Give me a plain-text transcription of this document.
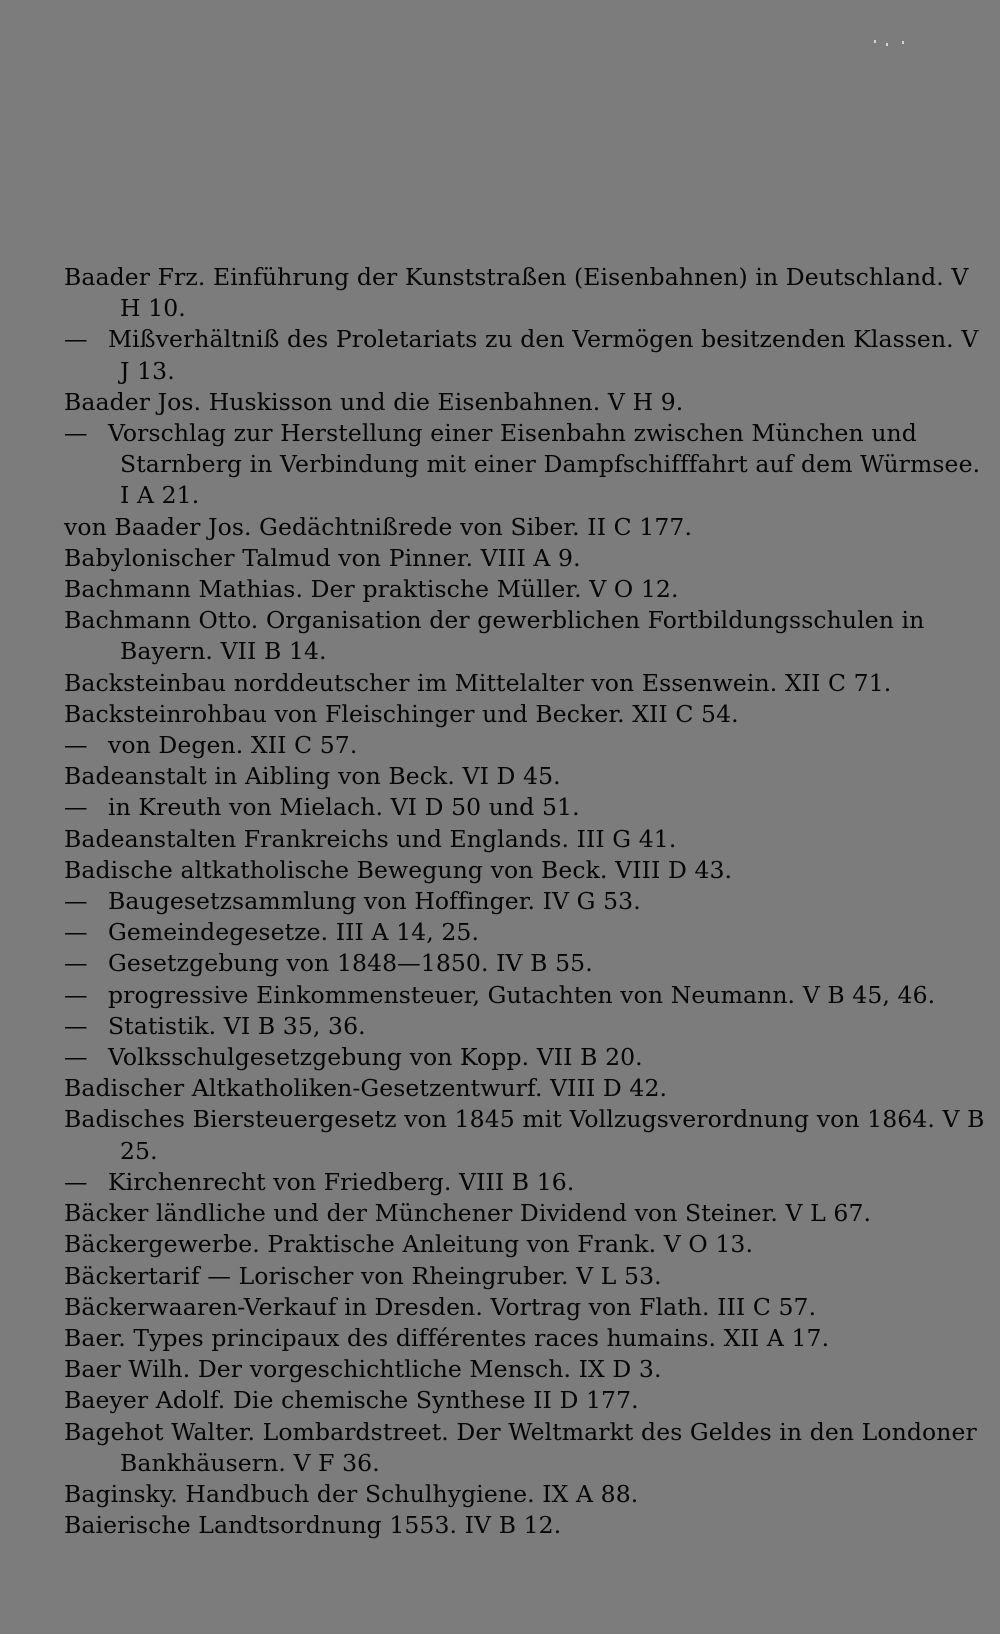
Baader Frz. Einführung der Kunststraßen (Eisenbahnen) in Deutschland. V H 10.
— Mißverhältniß des Proletariats zu den Vermögen besitzenden Klassen. V J 13.
Baader Jos. Huskisson und die Eisenbahnen. V H 9.
— Vorschlag zur Herstellung einer Eisenbahn zwischen München und Starnberg in Verbindung mit einer Dampfschifffahrt auf dem Würmsee. I A 21.
von Baader Jos. Gedächtnißrede von Siber. II C 177.
Babylonischer Talmud von Pinner. VIII A 9.
Bachmann Mathias. Der praktische Müller. V O 12.
Bachmann Otto. Organisation der gewerblichen Fortbildungsschulen in Bayern. VII B 14.
Backsteinbau norddeutscher im Mittelalter von Essenwein. XII C 71.
Backsteinrohbau von Fleischinger und Becker. XII C 54.
— von Degen. XII C 57.
Badeanstalt in Aibling von Beck. VI D 45.
— in Kreuth von Mielach. VI D 50 und 51.
Badeanstalten Frankreichs und Englands. III G 41.
Badische altkatholische Bewegung von Beck. VIII D 43.
— Baugesetzsammlung von Hoffinger. IV G 53.
— Gemeindegesetze. III A 14, 25.
— Gesetzgebung von 1848—1850. IV B 55.
— progressive Einkommensteuer, Gutachten von Neumann. V B 45, 46.
— Statistik. VI B 35, 36.
— Volksschulgesetzgebung von Kopp. VII B 20.
Badischer Altkatholiken-Gesetzentwurf. VIII D 42.
Badisches Biersteuergesetz von 1845 mit Vollzugsverordnung von 1864. V B 25.
— Kirchenrecht von Friedberg. VIII B 16.
Bäcker ländliche und der Münchener Dividend von Steiner. V L 67.
Bäckergewerbe. Praktische Anleitung von Frank. V O 13.
Bäckertarif — Lorischer von Rheingruber. V L 53.
Bäckerwaaren-Verkauf in Dresden. Vortrag von Flath. III C 57.
Baer. Types principaux des différentes races humains. XII A 17.
Baer Wilh. Der vorgeschichtliche Mensch. IX D 3.
Baeyer Adolf. Die chemische Synthese II D 177.
Bagehot Walter. Lombardstreet. Der Weltmarkt des Geldes in den Londoner Bankhäusern. V F 36.
Baginsky. Handbuch der Schulhygiene. IX A 88.
Baierische Landtsordnung 1553. IV B 12.
